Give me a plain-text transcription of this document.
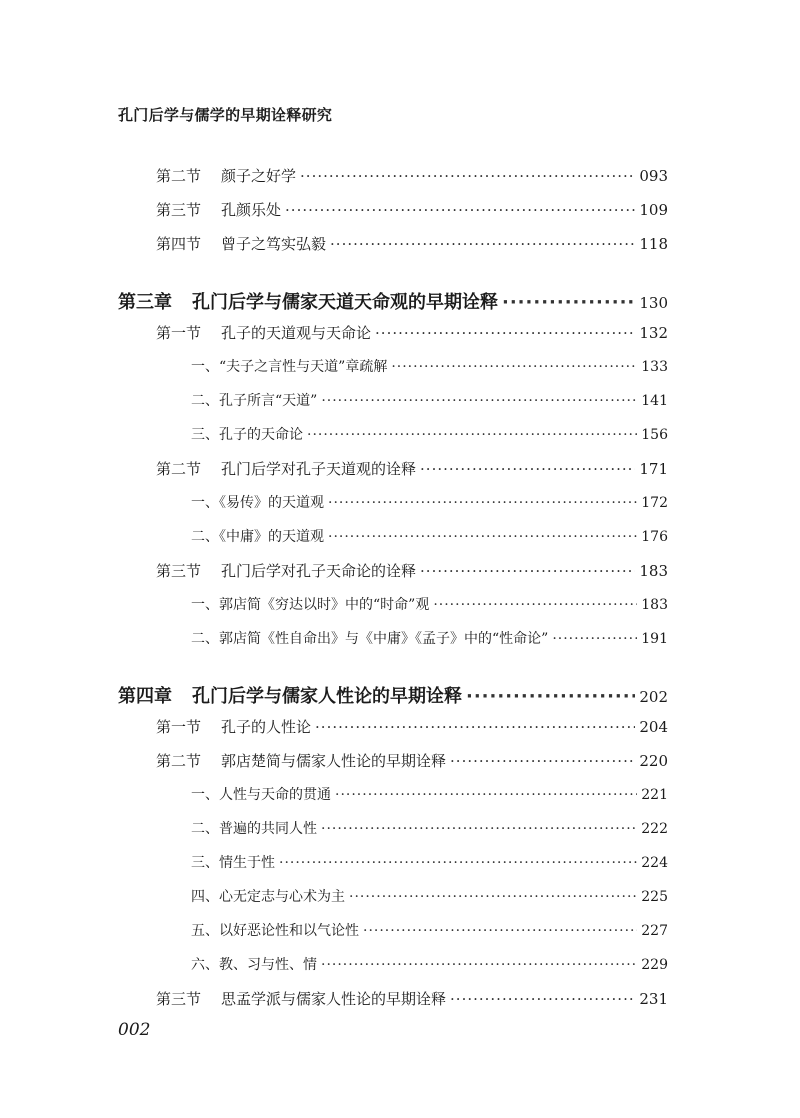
孔门后学与儒学的早期诠释研究
第二节 颜子之好学 ·····	093
第三节 孔颜乐处 ·····	109
第四节 曾子之笃实弘毅 ·····	118
第三章 孔门后学与儒家天道天命观的早期诠释 ·····	130
第一节 孔子的天道观与天命论 ·····	132
一、“夫子之言性与天道”章疏解 ·····	133
二、孔子所言“天道” ·····	141
三、孔子的天命论 ·····	156
第二节 孔门后学对孔子天道观的诠释 ·····	171
一、《易传》的天道观 ·····	172
二、《中庸》的天道观 ·····	176
第三节 孔门后学对孔子天命论的诠释 ·····	183
一、郭店简《穷达以时》中的“时命”观 ·····	183
二、郭店简《性自命出》与《中庸》《孟子》中的“性命论” ·····	191
第四章 孔门后学与儒家人性论的早期诠释 ·····	202
第一节 孔子的人性论 ·····	204
第二节 郭店楚简与儒家人性论的早期诠释 ·····	220
一、人性与天命的贯通 ·····	221
二、普遍的共同人性 ·····	222
三、情生于性 ·····	224
四、心无定志与心术为主 ·····	225
五、以好恶论性和以气论性 ·····	227
六、教、习与性、情 ·····	229
第三节 思孟学派与儒家人性论的早期诠释 ·····	231
002
